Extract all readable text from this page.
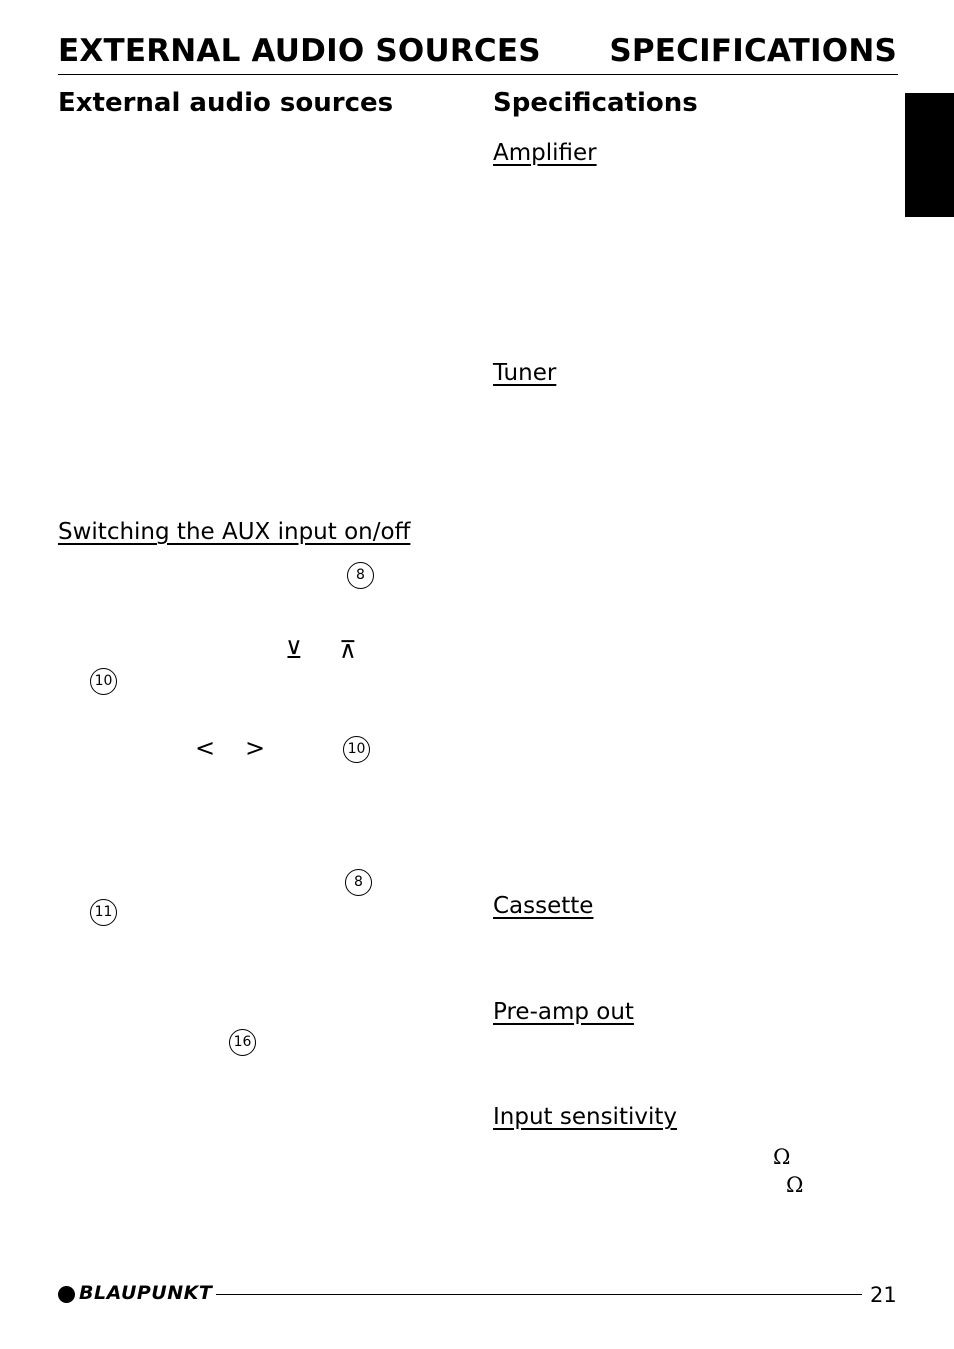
EXTERNAL AUDIO SOURCES SPECIFICATIONS
External audio sources
Switching the AUX input on/off
8
⊻ ⊼
10
< >	10
8
11
16
Specifications
Amplifier
Tuner
Cassette
Pre-amp out
Input sensitivity
Ω
Ω
BLAUPUNKT	21
